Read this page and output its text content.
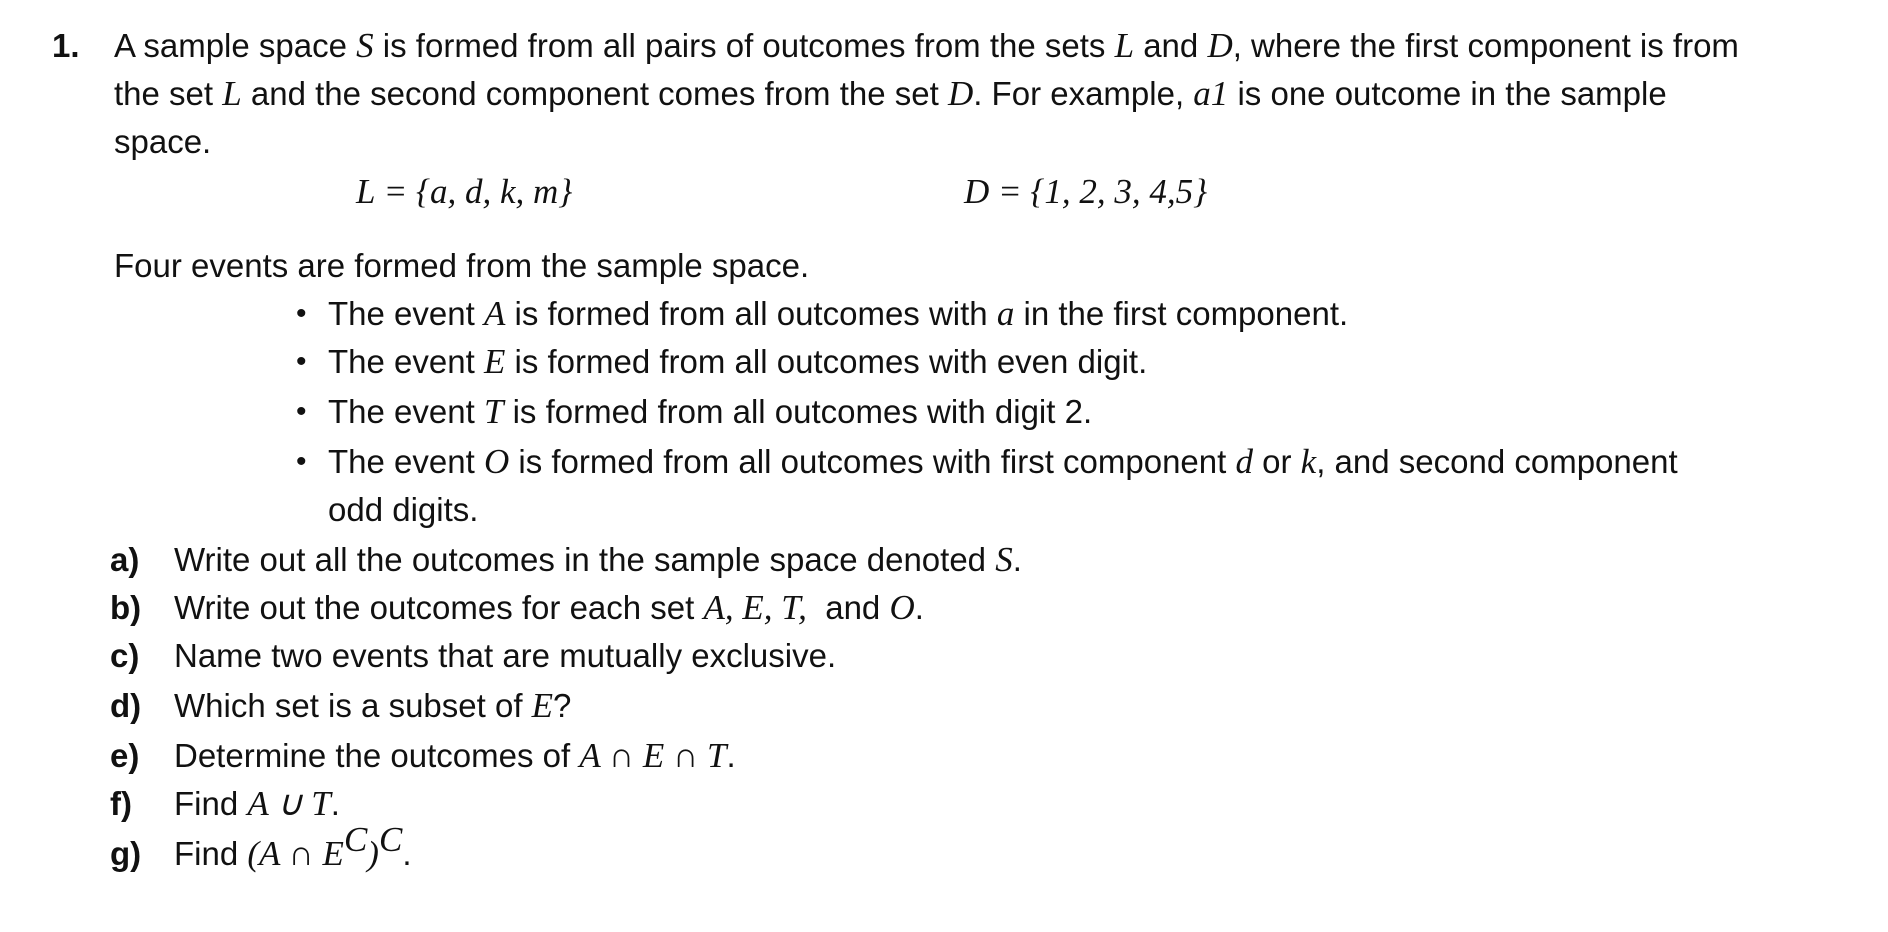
1. A sample space S is formed from all pairs of outcomes from the sets L and D, where the first component is from
the set L and the second component comes from the set D. For example, a1 is one outcome in the sample
space.
L = {a, d, k, m}	D = {1, 2, 3, 4,5}
Four events are formed from the sample space.
• The event A is formed from all outcomes with a in the first component.
• The event E is formed from all outcomes with even digit.
• The event T is formed from all outcomes with digit 2.
• The event O is formed from all outcomes with first component d or k, and second component
odd digits.
a) Write out all the outcomes in the sample space denoted S.
b) Write out the outcomes for each set A, E, T,  and O.
c) Name two events that are mutually exclusive.
d) Which set is a subset of E?
e) Determine the outcomes of A ∩ E ∩ T.
f) Find A ∪ T.
g) Find (A ∩ $E^C)^C$.
